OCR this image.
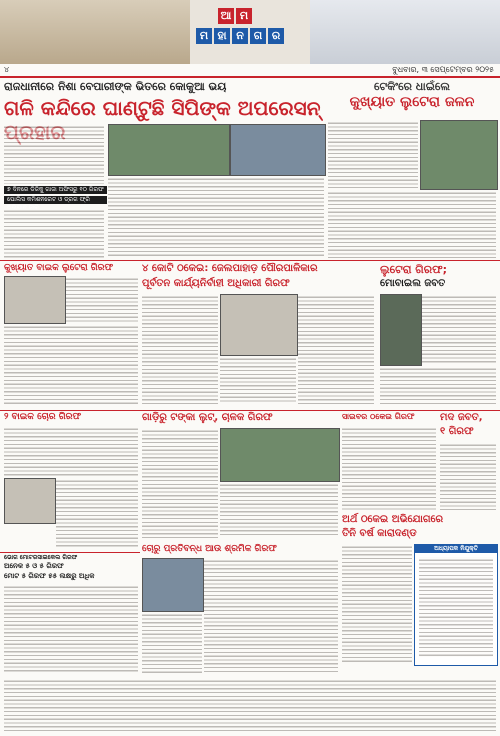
ଆ ମ
ମ ହା ନ ଗ ର
୪	ବୁଧବାର, ୩ ସେପ୍ଟେମ୍ବର ୨୦୨୫
ରାଜଧାନୀରେ ନିଶା ବେପାରୀଙ୍କ ଭିତରେ କୋକୁଆ ଭୟ
ଗଳି କନ୍ଦିରେ ଘାଣ୍ଟୁଛି ସିପିଙ୍କ ଅପରେସନ୍
୭ ଦିନରେ ଡିଜିକୁ ଗାଜା ଅଫିସରୁ ୧୦ ଗିରଫ
ପୋଲିସ କମିଶନରେଟ ଓ ଡ୍ରଗ ଫ୍ରି
ଟେକିଂରେ ଧାଇଁଲେ
କୁଖ୍ୟାତ ଲୁଟେରା ଜଳନ
କୁଖ୍ୟାତ ବାଇକ ଲୁଟେରା ଗିରଫ	୪ କୋଟି ଠକେଇ: ଜେଲପାହାଡ଼ ପୌରପାଳିକାର
ପୂର୍ବତନ କାର୍ଯ୍ୟନିର୍ବାହୀ ଅଧିକାରୀ ଗିରଫ
ଲୁଟେରା ଗିରଫ;
ମୋବାଇଲ ଜବତ
୨ ବାଇକ ଚୋର ଗିରଫ	ଗାଡ଼ିରୁ ଟଙ୍କା ଲୁଟ୍, ଚାଳକ ଗିରଫ	ସାଇବର ଠକେଇ ଗିରଫ	ମଦ ଜବତ,
୧ ଗିରଫ
ଭୋଗ ମୋଟରସାଇକେଲ ଗିରଫ
ଅନେକ ୫ ଓ ୫ ଗିରଫ
ମୋଟ ୫ ଗିରଫ ୫୫ ଲକ୍ଷରୁ ଅଧିକ
ଅର୍ଥ ଠକେଇ ଅଭିଯୋଗରେ
ତିନି ବର୍ଷ କାରାଦଣ୍ଡ
ଅଧ୍ୟାପକ ନିଯୁକ୍ତି
ଚୋରୁ ପ୍ରତିବନ୍ଧ ଆଉ ଶ୍ରମିକ ଗିରଫ
